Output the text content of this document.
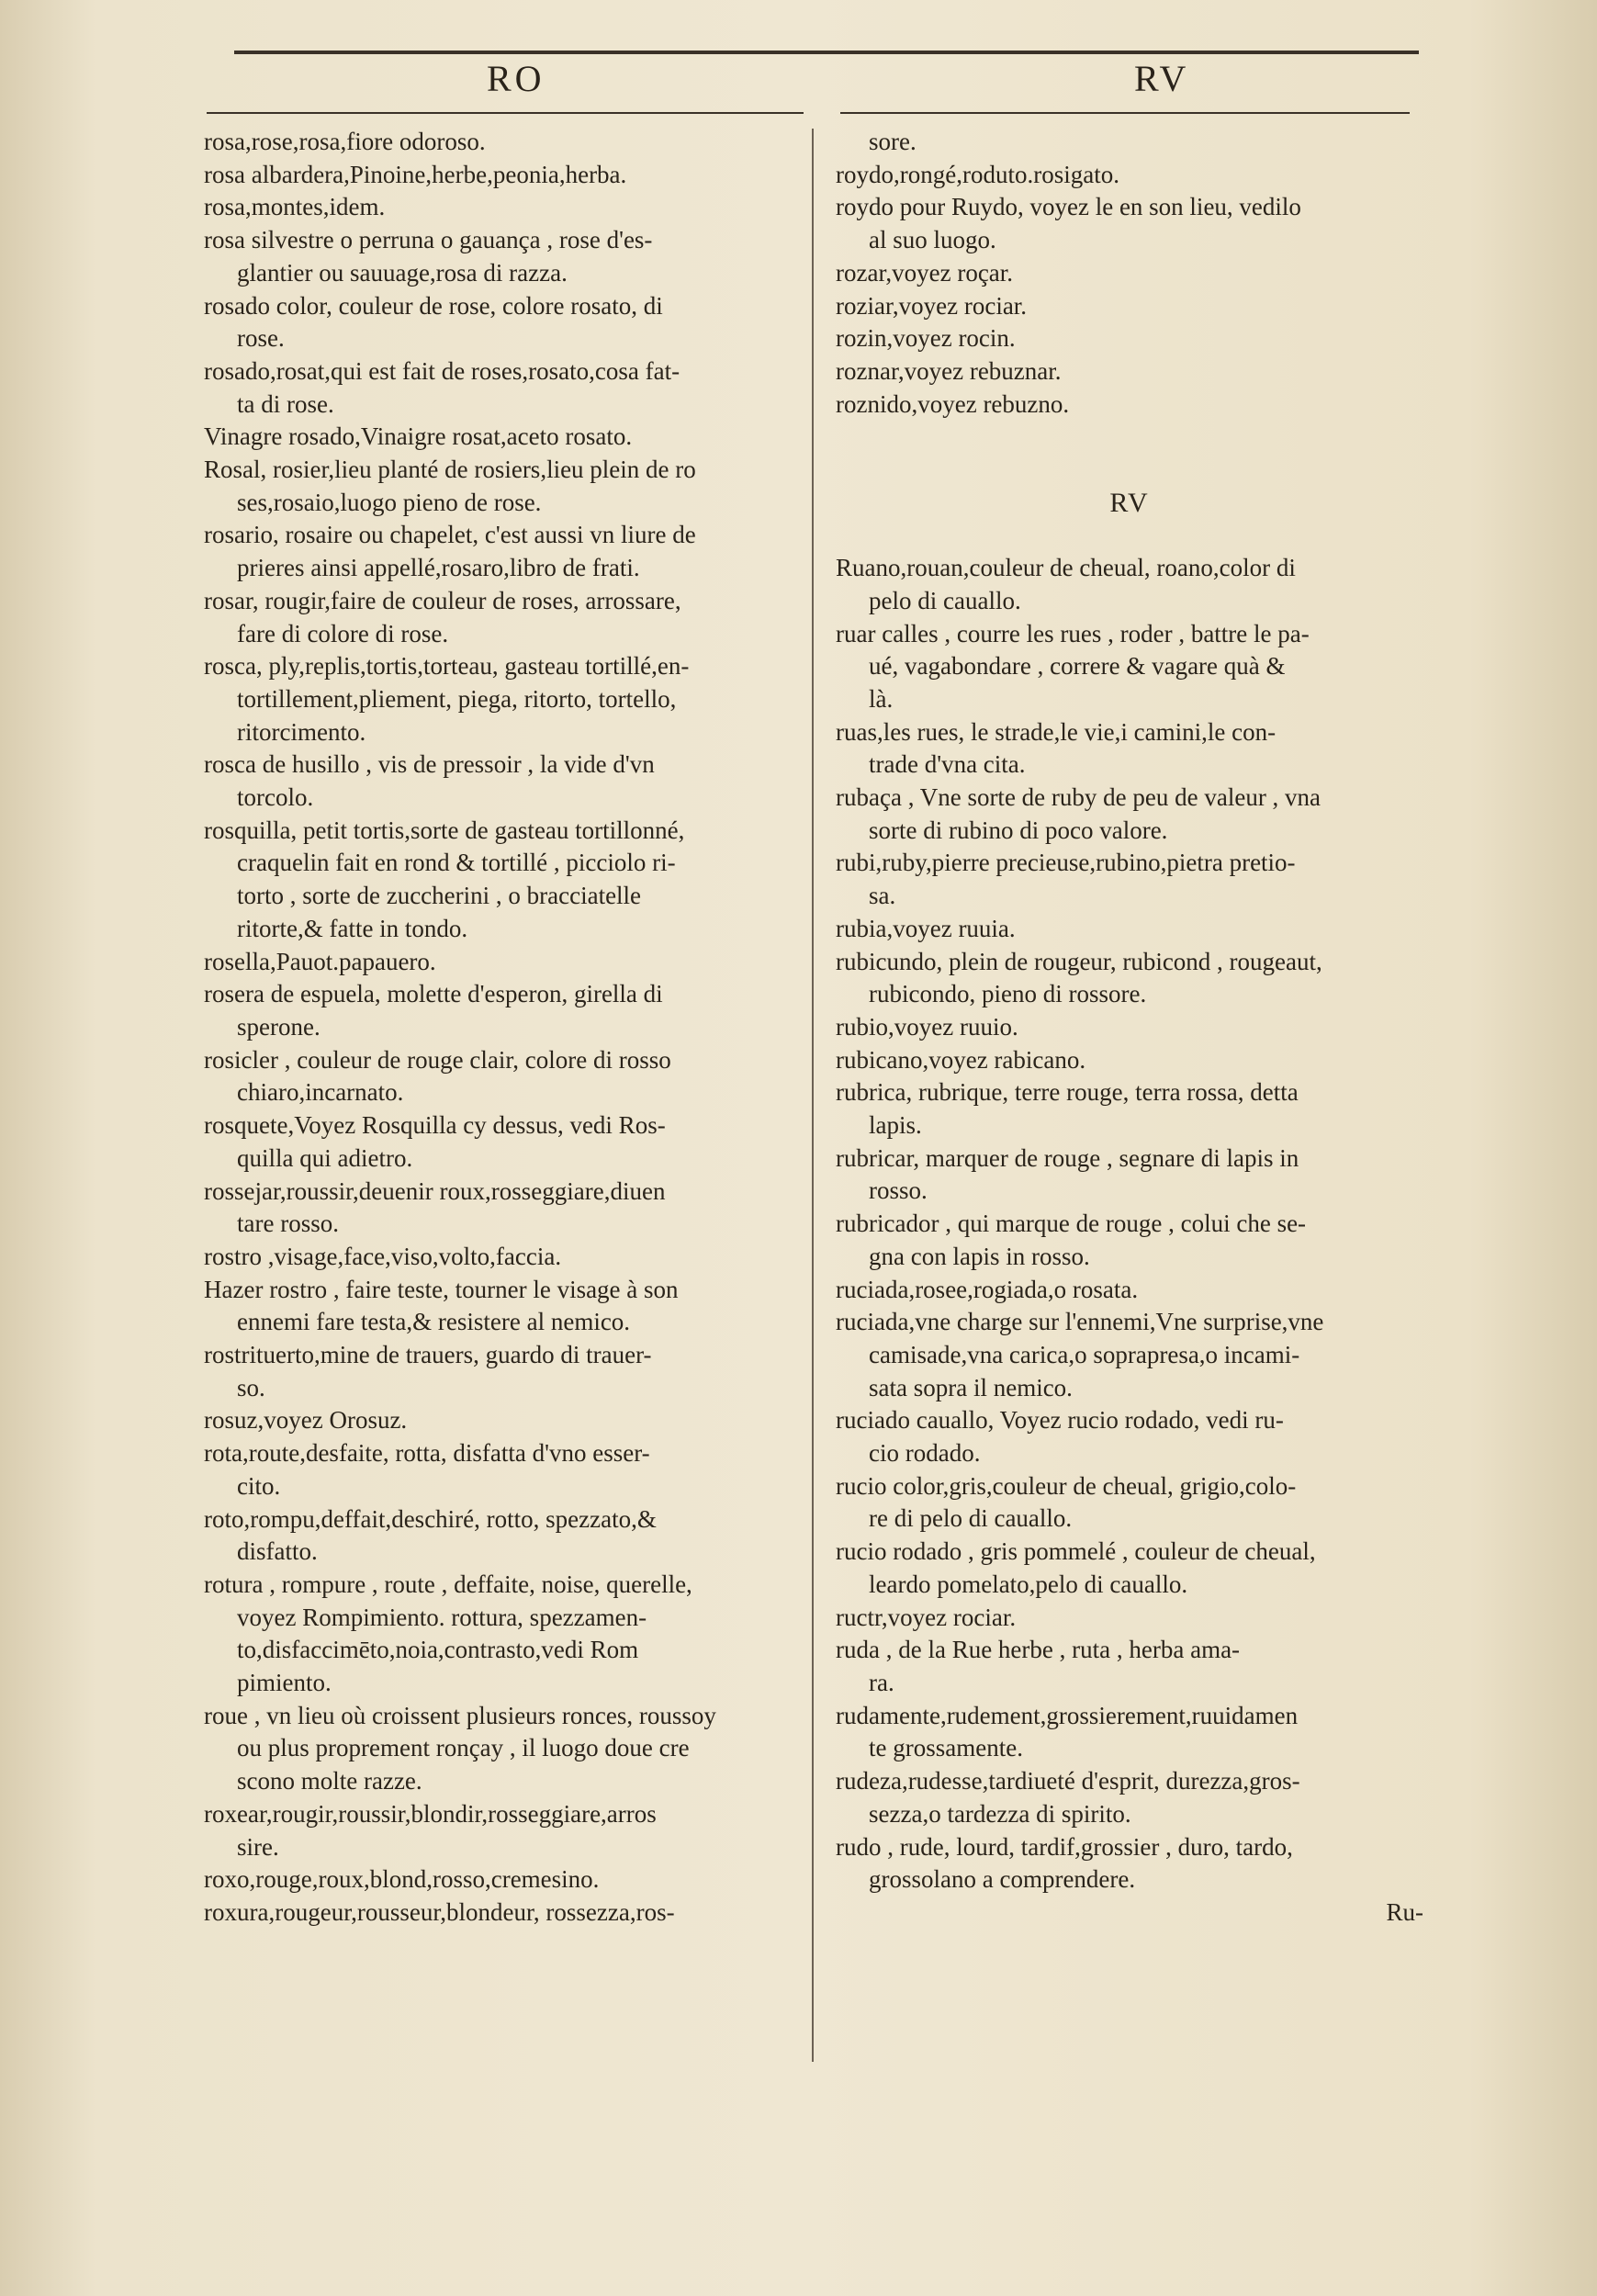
RO	RV
rosa,rose,rosa,fiore odoroso.
rosa albardera,Pinoine,herbe,peonia,herba.
rosa,montes,idem.
rosa silvestre o perruna o gauança , rose d'es-
glantier ou sauuage,rosa di razza.
rosado color, couleur de rose, colore rosato, di
rose.
rosado,rosat,qui est fait de roses,rosato,cosa fat-
ta di rose.
Vinagre rosado,Vinaigre rosat,aceto rosato.
Rosal, rosier,lieu planté de rosiers,lieu plein de ro
ses,rosaio,luogo pieno de rose.
rosario, rosaire ou chapelet, c'est aussi vn liure de
prieres ainsi appellé,rosaro,libro de frati.
rosar, rougir,faire de couleur de roses, arrossare,
fare di colore di rose.
rosca, ply,replis,tortis,torteau, gasteau tortillé,en-
tortillement,pliement, piega, ritorto, tortello,
ritorcimento.
rosca de husillo , vis de pressoir , la vide d'vn
torcolo.
rosquilla, petit tortis,sorte de gasteau tortillonné,
craquelin fait en rond & tortillé , picciolo ri-
torto , sorte de zuccherini , o bracciatelle
ritorte,& fatte in tondo.
rosella,Pauot.papauero.
rosera de espuela, molette d'esperon, girella di
sperone.
rosicler , couleur de rouge clair, colore di rosso
chiaro,incarnato.
rosquete,Voyez Rosquilla cy dessus, vedi Ros-
quilla qui adietro.
rossejar,roussir,deuenir roux,rosseggiare,diuen
tare rosso.
rostro ,visage,face,viso,volto,faccia.
Hazer rostro , faire teste, tourner le visage à son
ennemi fare testa,& resistere al nemico.
rostrituerto,mine de trauers, guardo di trauer-
so.
rosuz,voyez Orosuz.
rota,route,desfaite, rotta, disfatta d'vno esser-
cito.
roto,rompu,deffait,deschiré, rotto, spezzato,&
disfatto.
rotura , rompure , route , deffaite, noise, querelle,
voyez Rompimiento. rottura, spezzamen-
to,disfaccimēto,noia,contrasto,vedi Rom
pimiento.
roue , vn lieu où croissent plusieurs ronces, roussoy
ou plus proprement ronçay , il luogo doue cre
scono molte razze.
roxear,rougir,roussir,blondir,rosseggiare,arros
sire.
roxo,rouge,roux,blond,rosso,cremesino.
roxura,rougeur,rousseur,blondeur, rossezza,ros-
sore.
roydo,rongé,roduto.rosigato.
roydo pour Ruydo, voyez le en son lieu, vedilo
al suo luogo.
rozar,voyez roçar.
roziar,voyez rociar.
rozin,voyez rocin.
roznar,voyez rebuznar.
roznido,voyez rebuzno.
RV
Ruano,rouan,couleur de cheual, roano,color di
pelo di cauallo.
ruar calles , courre les rues , roder , battre le pa-
ué, vagabondare , correre & vagare quà &
là.
ruas,les rues, le strade,le vie,i camini,le con-
trade d'vna cita.
rubaça , Vne sorte de ruby de peu de valeur , vna
sorte di rubino di poco valore.
rubi,ruby,pierre precieuse,rubino,pietra pretio-
sa.
rubia,voyez ruuia.
rubicundo, plein de rougeur, rubicond , rougeaut,
rubicondo, pieno di rossore.
rubio,voyez ruuio.
rubicano,voyez rabicano.
rubrica, rubrique, terre rouge, terra rossa, detta
lapis.
rubricar, marquer de rouge , segnare di lapis in
rosso.
rubricador , qui marque de rouge , colui che se-
gna con lapis in rosso.
ruciada,rosee,rogiada,o rosata.
ruciada,vne charge sur l'ennemi,Vne surprise,vne
camisade,vna carica,o soprapresa,o incami-
sata sopra il nemico.
ruciado cauallo, Voyez rucio rodado, vedi ru-
cio rodado.
rucio color,gris,couleur de cheual, grigio,colo-
re di pelo di cauallo.
rucio rodado , gris pommelé , couleur de cheual,
leardo pomelato,pelo di cauallo.
ructr,voyez rociar.
ruda , de la Rue herbe , ruta , herba ama-
ra.
rudamente,rudement,grossierement,ruuidamen
te grossamente.
rudeza,rudesse,tardiueté d'esprit, durezza,gros-
sezza,o tardezza di spirito.
rudo , rude, lourd, tardif,grossier , duro, tardo,
grossolano a comprendere.
Ru-
